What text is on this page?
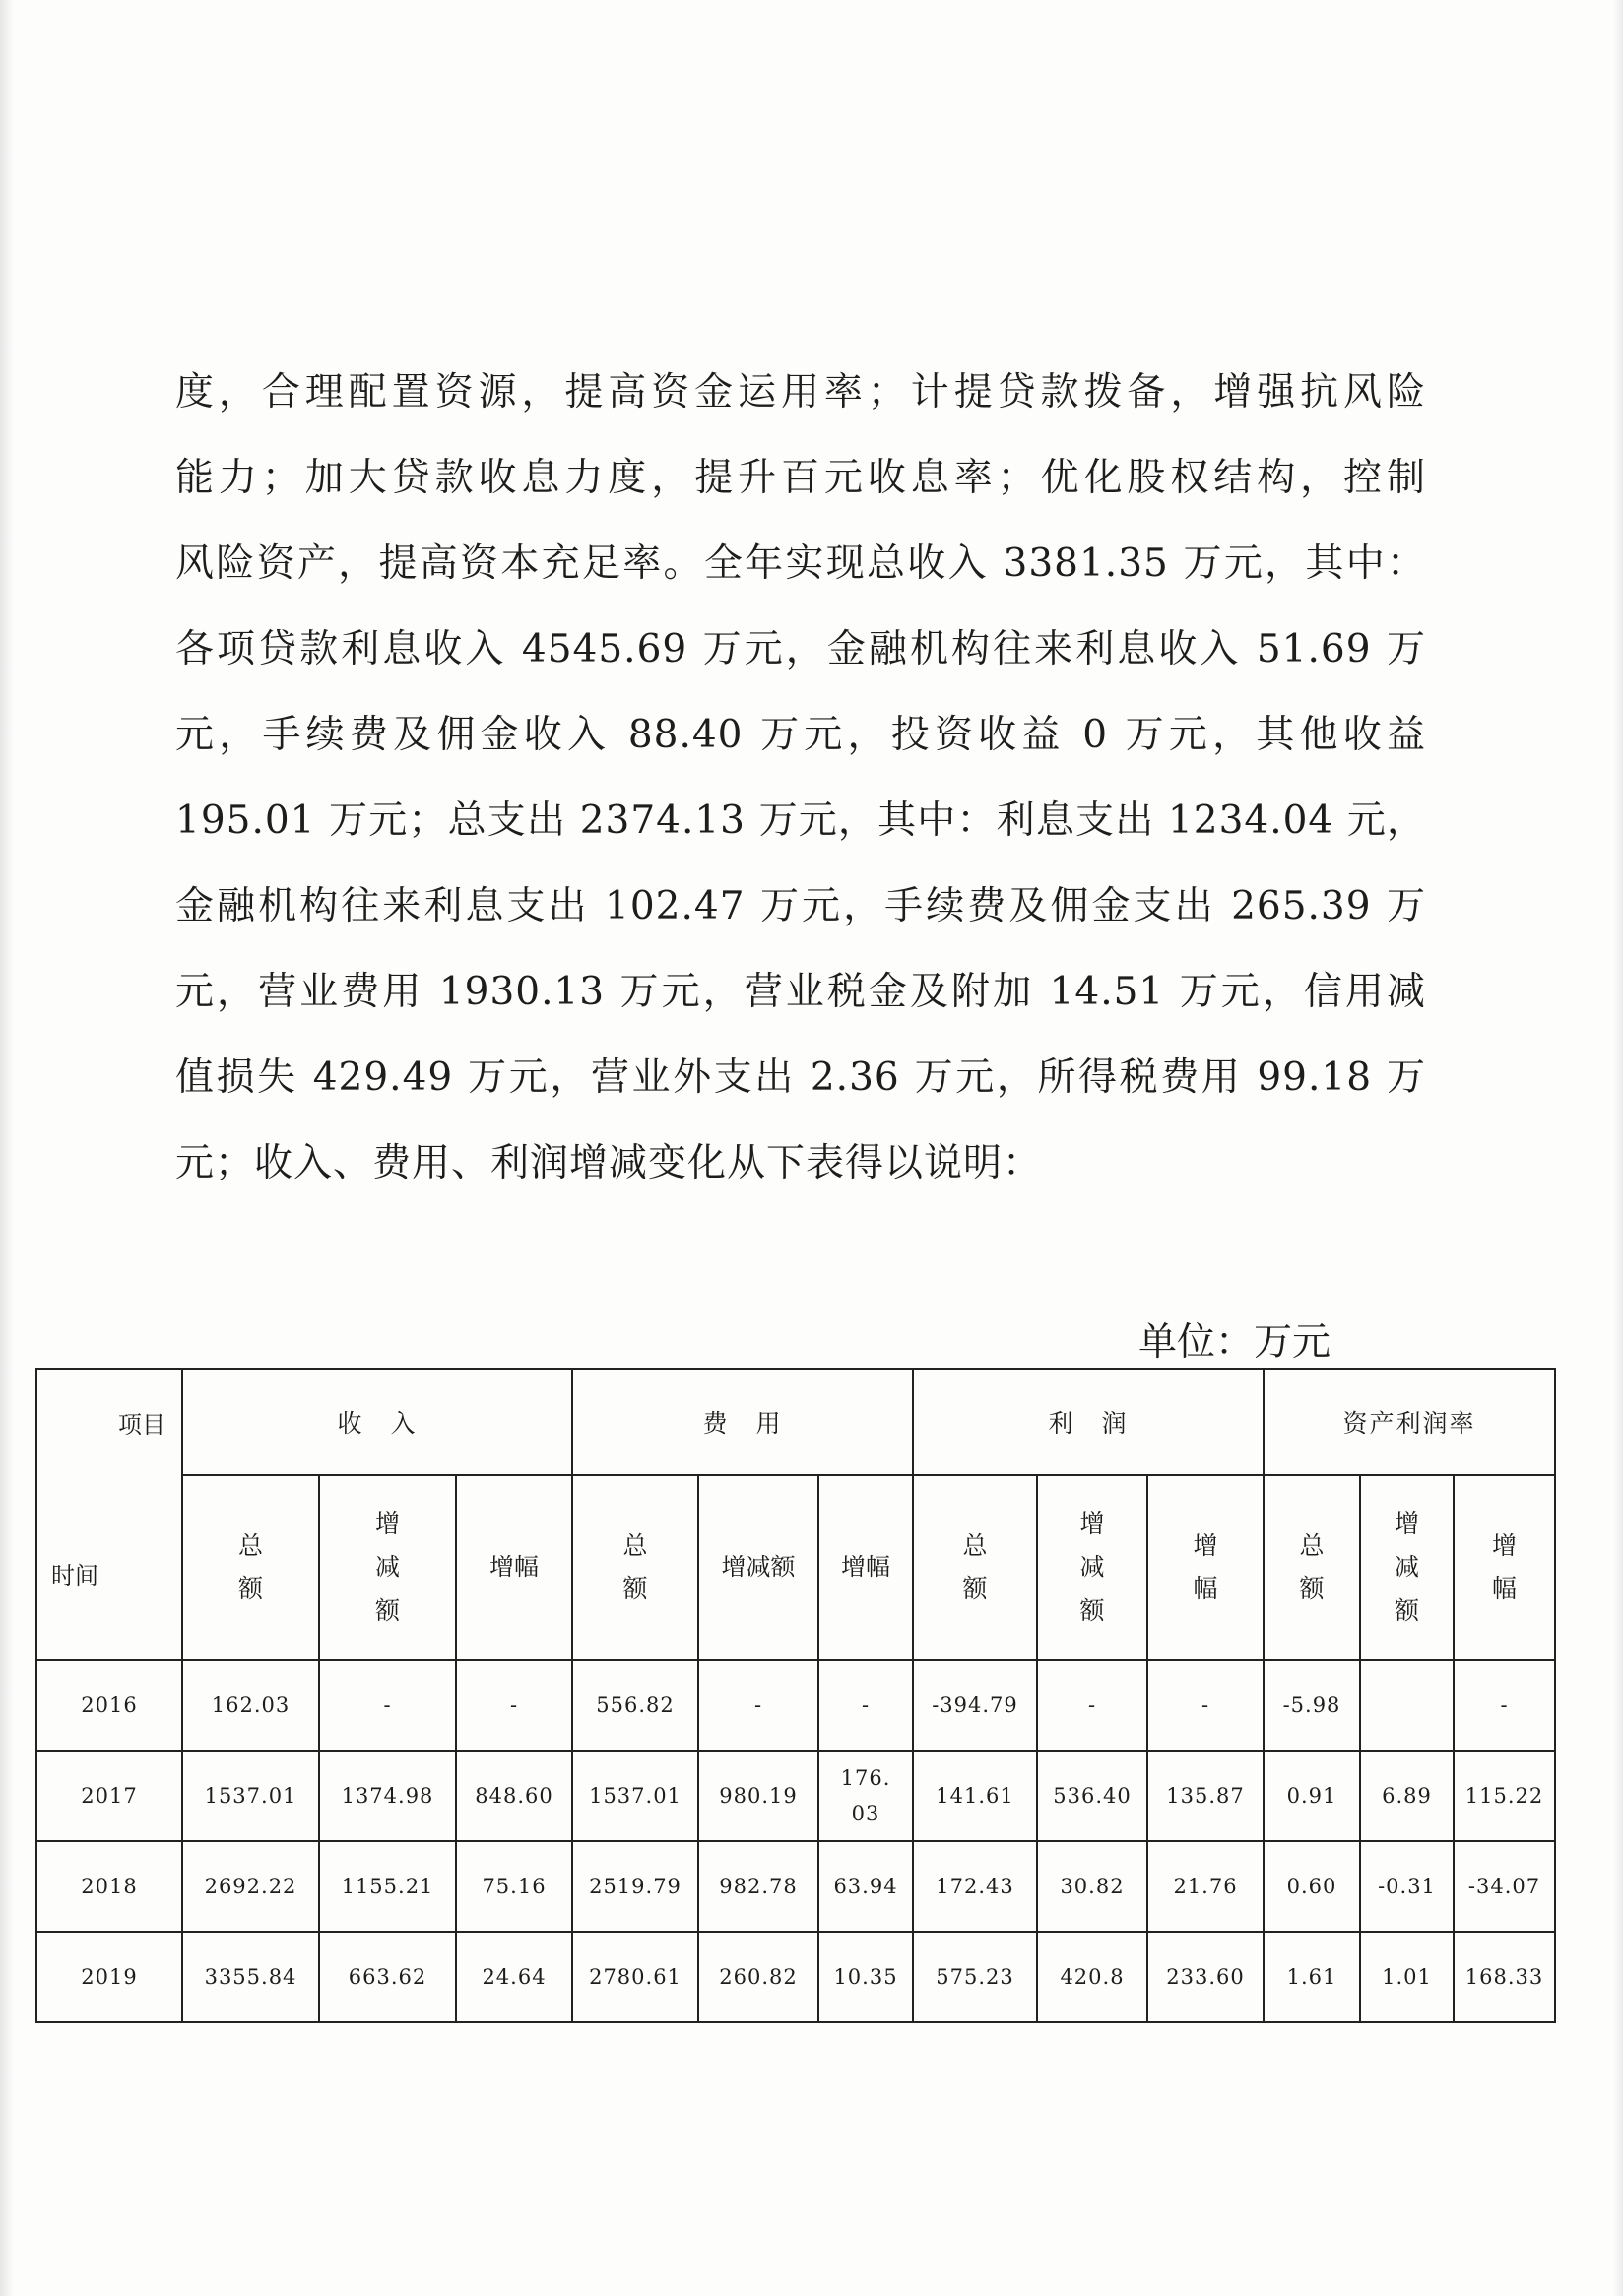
度，合理配置资源，提高资金运用率；计提贷款拨备，增强抗风险
能力；加大贷款收息力度，提升百元收息率；优化股权结构，控制
风险资产，提高资本充足率。全年实现总收入 3381.35 万元，其中：
各项贷款利息收入 4545.69 万元，金融机构往来利息收入 51.69 万
元，手续费及佣金收入 88.40 万元，投资收益 0 万元，其他收益
195.01 万元；总支出 2374.13 万元，其中：利息支出 1234.04 元，
金融机构往来利息支出 102.47 万元，手续费及佣金支出 265.39 万
元，营业费用 1930.13 万元，营业税金及附加 14.51 万元，信用减
值损失 429.49 万元，营业外支出 2.36 万元，所得税费用 99.18 万
元；收入、费用、利润增减变化从下表得以说明：
单位：万元
项目
时间	收　入			费　用			利　润			资产利润率		
	总额	增减额	增幅	总额	增减额	增幅	总额	增减额	增幅	总额	增减额	增幅
2016	162.03	-	-	556.82	-	-	-394.79	-	-	-5.98		-
2017	1537.01	1374.98	848.60	1537.01	980.19	176.03	141.61	536.40	135.87	0.91	6.89	115.22
2018	2692.22	1155.21	75.16	2519.79	982.78	63.94	172.43	30.82	21.76	0.60	-0.31	-34.07
2019	3355.84	663.62	24.64	2780.61	260.82	10.35	575.23	420.8	233.60	1.61	1.01	168.33
